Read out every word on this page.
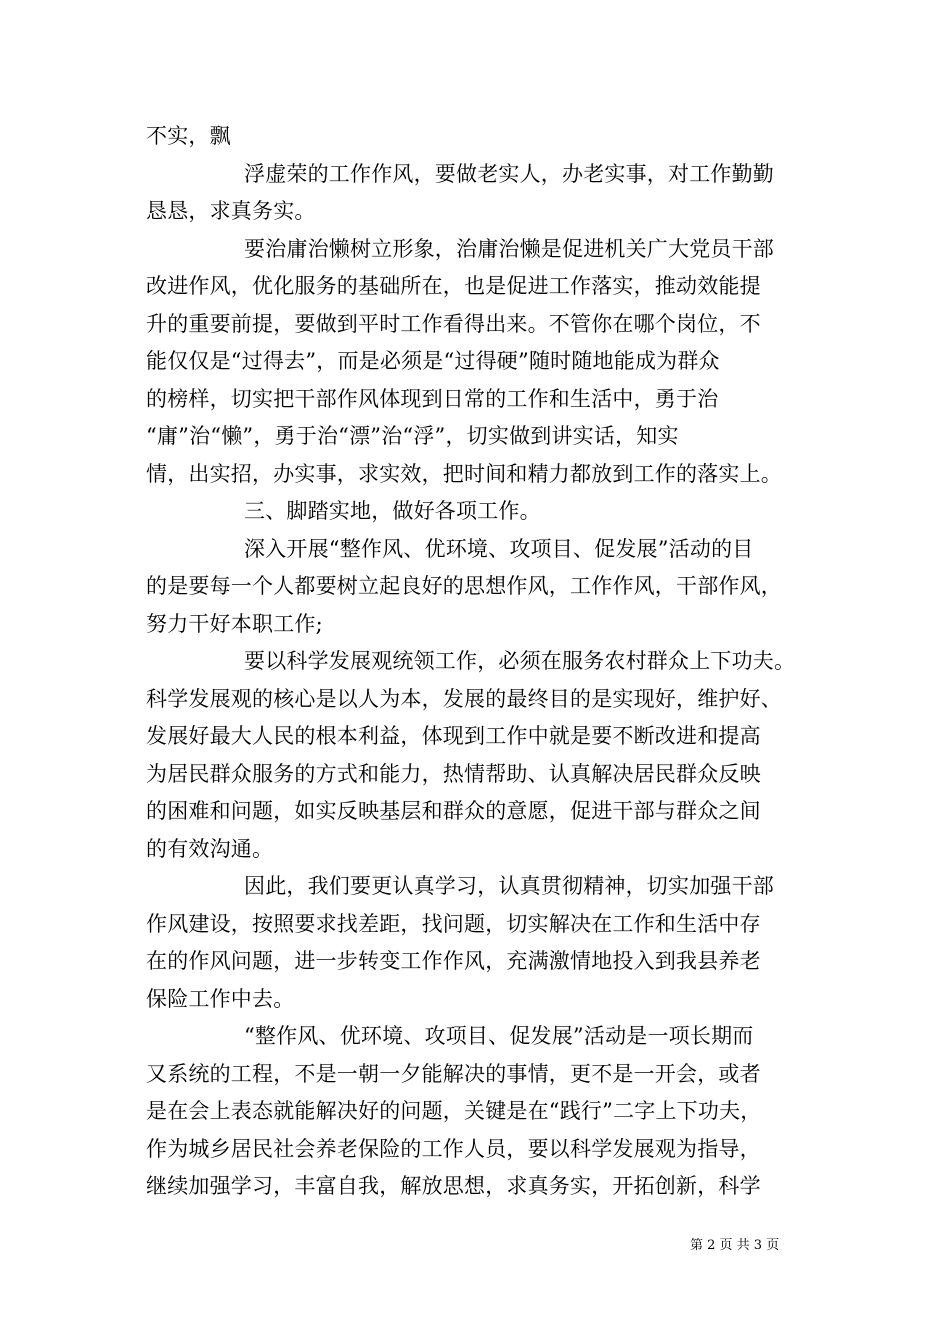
不实，飘
浮虚荣的工作作风，要做老实人，办老实事，对工作勤勤
恳恳，求真务实。
要治庸治懒树立形象，治庸治懒是促进机关广大党员干部
改进作风，优化服务的基础所在，也是促进工作落实，推动效能提
升的重要前提，要做到平时工作看得出来。不管你在哪个岗位，不
能仅仅是“过得去”，而是必须是“过得硬”随时随地能成为群众
的榜样，切实把干部作风体现到日常的工作和生活中，勇于治
“庸”治“懒”，勇于治“漂”治“浮”，切实做到讲实话，知实
情，出实招，办实事，求实效，把时间和精力都放到工作的落实上。
三、脚踏实地，做好各项工作。
深入开展“整作风、优环境、攻项目、促发展”活动的目
的是要每一个人都要树立起良好的思想作风，工作作风，干部作风，
努力干好本职工作;
要以科学发展观统领工作，必须在服务农村群众上下功夫。
科学发展观的核心是以人为本，发展的最终目的是实现好，维护好、
发展好最大人民的根本利益，体现到工作中就是要不断改进和提高
为居民群众服务的方式和能力，热情帮助、认真解决居民群众反映
的困难和问题，如实反映基层和群众的意愿，促进干部与群众之间
的有效沟通。
因此，我们要更认真学习，认真贯彻精神，切实加强干部
作风建设，按照要求找差距，找问题，切实解决在工作和生活中存
在的作风问题，进一步转变工作作风，充满激情地投入到我县养老
保险工作中去。
“整作风、优环境、攻项目、促发展”活动是一项长期而
又系统的工程，不是一朝一夕能解决的事情，更不是一开会，或者
是在会上表态就能解决好的问题，关键是在“践行”二字上下功夫，
作为城乡居民社会养老保险的工作人员，要以科学发展观为指导，
继续加强学习，丰富自我，解放思想，求真务实，开拓创新，科学
第 2 页 共 3 页
